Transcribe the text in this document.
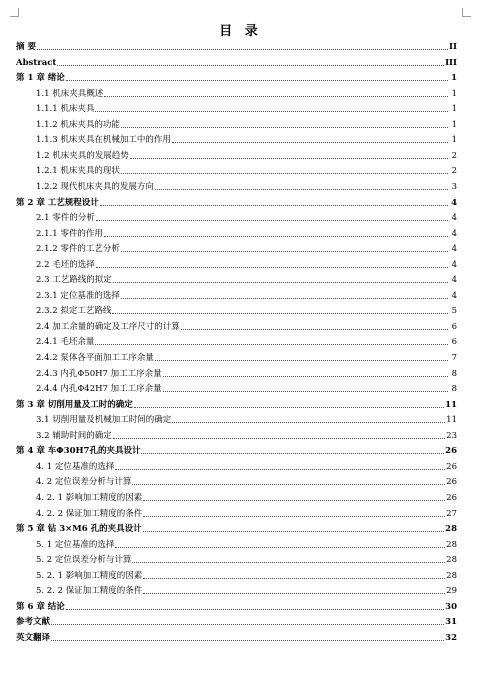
目 录
摘 要	II
Abstract	III
第 1 章 绪论	1
1.1 机床夹具概述	1
1.1.1 机床夹具	1
1.1.2 机床夹具的功能	1
1.1.3 机床夹具在机械加工中的作用	1
1.2 机床夹具的发展趋势	2
1.2.1 机床夹具的现状	2
1.2.2 现代机床夹具的发展方向	3
第 2 章 工艺规程设计	4
2.1 零件的分析	4
2.1.1 零件的作用	4
2.1.2 零件的工艺分析	4
2.2 毛坯的选择	4
2.3 工艺路线的拟定	4
2.3.1 定位基准的选择	4
2.3.2 拟定工艺路线	5
2.4 加工余量的确定及工序尺寸的计算	6
2.4.1 毛坯余量	6
2.4.2 泵体各平面加工工序余量	7
2.4.3 内孔Φ50H7 加工工序余量	8
2.4.4 内孔Φ42H7 加工工序余量	8
第 3 章 切削用量及工时的确定	11
3.1 切削用量及机械加工时间的确定	11
3.2 辅助时间的确定	23
第 4 章 车Φ30H7孔的夹具设计	26
4. 1 定位基准的选择	26
4. 2 定位误差分析与计算	26
4. 2. 1 影响加工精度的因素	26
4. 2. 2 保证加工精度的条件	27
第 5 章 钻 3×M6 孔的夹具设计	28
5. 1 定位基准的选择	28
5. 2 定位误差分析与计算	28
5. 2. 1 影响加工精度的因素	28
5. 2. 2 保证加工精度的条件	29
第 6 章 结论	30
参考文献	31
英文翻译	32
